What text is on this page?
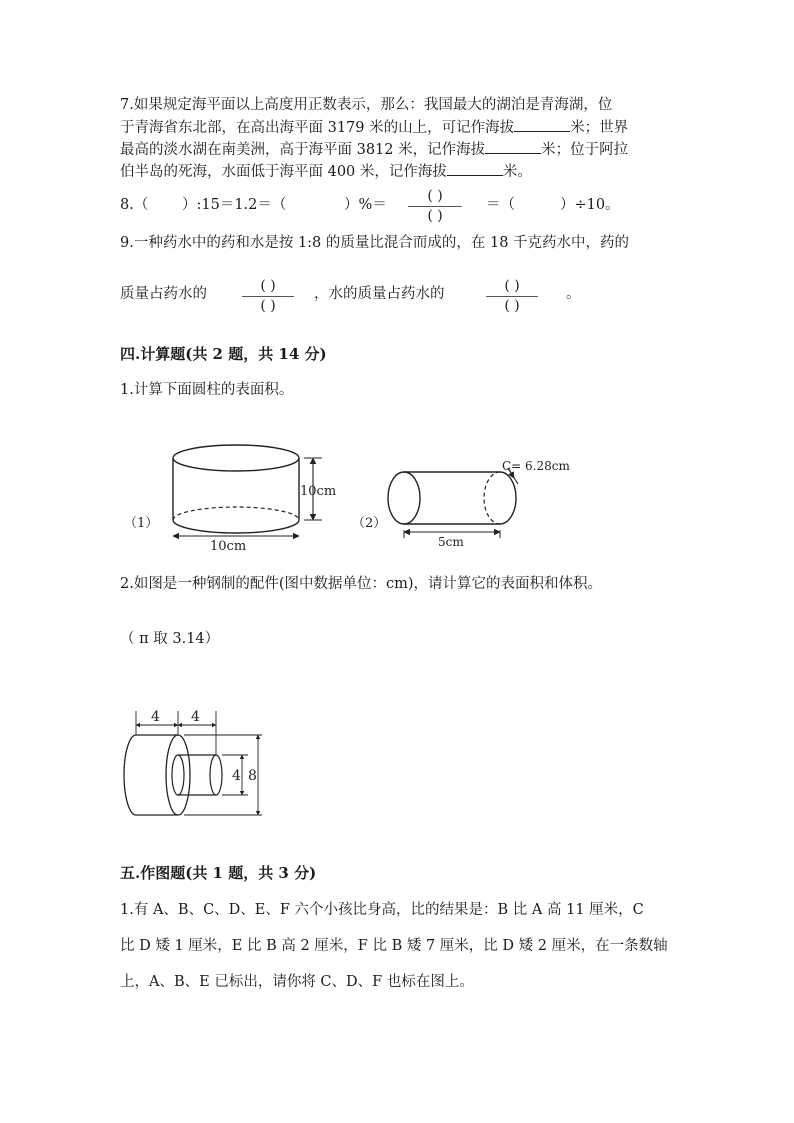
7.如果规定海平面以上高度用正数表示，那么：我国最大的湖泊是青海湖，位
于青海省东北部，在高出海平面 3179 米的山上，可记作海拔	米；世界
最高的淡水湖在南美洲，高于海平面 3812 米，记作海拔	米；位于阿拉
伯半岛的死海，水面低于海平面 400 米，记作海拔	米。
8.（ ）:15＝1.2＝（	）%＝
( )
( )
＝（	）÷10。
9.一种药水中的药和水是按 1:8 的质量比混合而成的，在 18 千克药水中，药的
质量占药水的	( )
( )
，水的质量占药水的	( )
( )
。
四.计算题(共 2 题，共 14 分)
1.计算下面圆柱的表面积。
（1）
10cm
10cm
（2）
C= 6.28cm
5cm
2.如图是一种钢制的配件(图中数据单位：cm)，请计算它的表面积和体积。
（ π 取 3.14）
4 4
4 8
五.作图题(共 1 题，共 3 分)
1.有 A、B、C、D、E、F 六个小孩比身高，比的结果是：B 比 A 高 11 厘米，C
比 D 矮 1 厘米，E 比 B 高 2 厘米，F 比 B 矮 7 厘米，比 D 矮 2 厘米，在一条数轴
上，A、B、E 已标出，请你将 C、D、F 也标在图上。
